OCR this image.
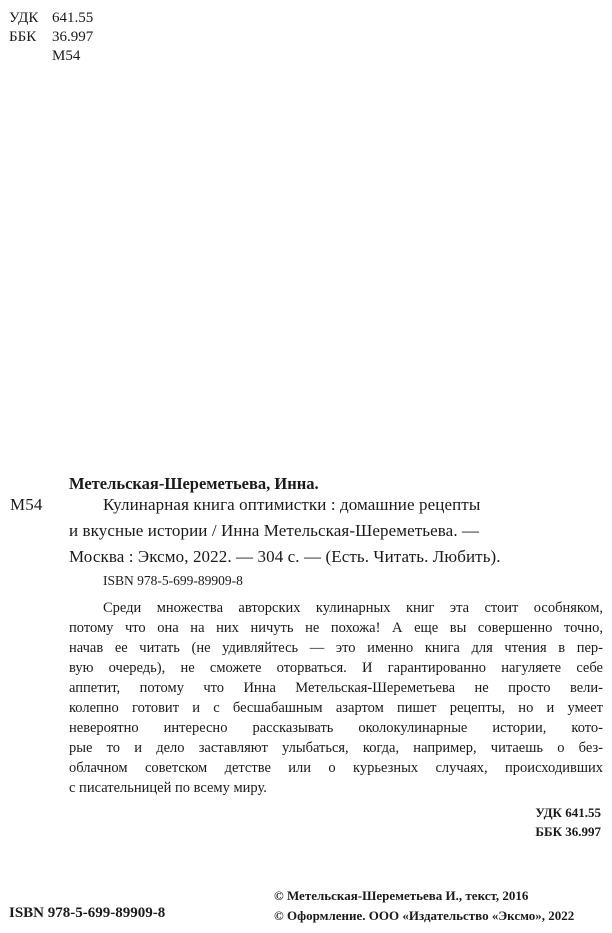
УДК 641.55
ББК 36.997
М54
Метельская-Шереметьева, Инна.
М54	Кулинарная книга оптимистки : домашние рецепты
и вкусные истории / Инна Метельская-Шереметьева. —
Москва : Эксмо, 2022. — 304 с. — (Есть. Читать. Любить).
ISBN 978-5-699-89909-8
Среди множества авторских кулинарных книг эта стоит особняком,
потому что она на них ничуть не похожа! А еще вы совершенно точно,
начав ее читать (не удивляйтесь — это именно книга для чтения в пер-
вую очередь), не сможете оторваться. И гарантированно нагуляете себе
аппетит, потому что Инна Метельская-Шереметьева не просто вели-
колепно готовит и с бесшабашным азартом пишет рецепты, но и умеет
невероятно интересно рассказывать околокулинарные истории, кото-
рые то и дело заставляют улыбаться, когда, например, читаешь о без-
облачном советском детстве или о курьезных случаях, происходивших
с писательницей по всему миру.
УДК 641.55
ББК 36.997
© Метельская-Шереметьева И., текст, 2016
© Оформление. ООО «Издательство «Эксмо», 2022
ISBN 978-5-699-89909-8
